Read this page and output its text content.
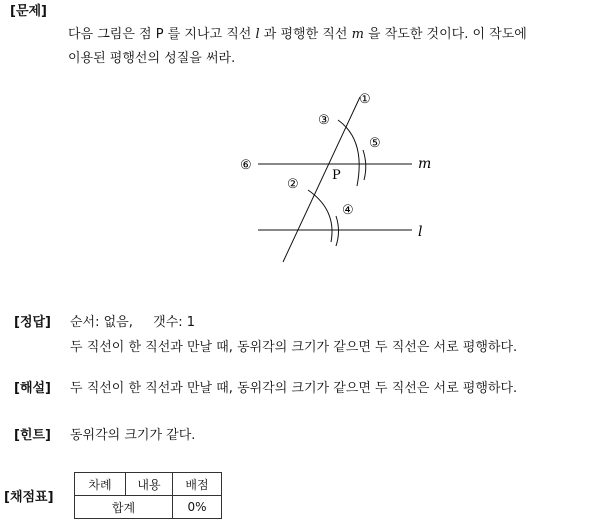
[문제]
다음 그림은 점 P 를 지나고 직선 l 과 평행한 직선 m 을 작도한 것이다. 이 작도에
이용된 평행선의 성질을 써라.
①
③
⑤
⑥
P
m
②
④
l
[정답] 순서: 없음, 갯수: 1
두 직선이 한 직선과 만날 때, 동위각의 크기가 같으면 두 직선은 서로 평행하다.
[해설] 두 직선이 한 직선과 만날 때, 동위각의 크기가 같으면 두 직선은 서로 평행하다.
[힌트] 동위각의 크기가 같다.
[채점표]
차례	내용	배점
합계		0%
